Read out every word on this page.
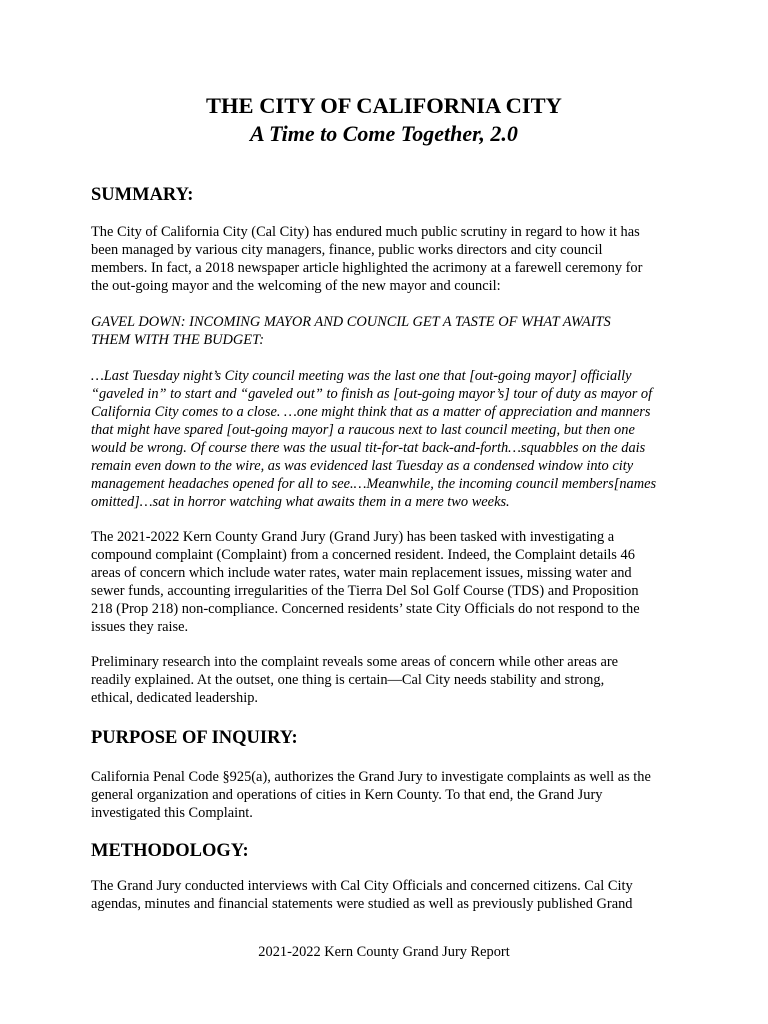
THE CITY OF CALIFORNIA CITY
A Time to Come Together, 2.0
SUMMARY:
The City of California City (Cal City) has endured much public scrutiny in regard to how it has
been managed by various city managers, finance, public works directors and city council
members. In fact, a 2018 newspaper article highlighted the acrimony at a farewell ceremony for
the out-going mayor and the welcoming of the new mayor and council:
GAVEL DOWN: INCOMING MAYOR AND COUNCIL GET A TASTE OF WHAT AWAITS
THEM WITH THE BUDGET:
…Last Tuesday night’s City council meeting was the last one that [out-going mayor] officially
“gaveled in” to start and “gaveled out” to finish as [out-going mayor’s] tour of duty as mayor of
California City comes to a close. …one might think that as a matter of appreciation and manners
that might have spared [out-going mayor] a raucous next to last council meeting, but then one
would be wrong. Of course there was the usual tit-for-tat back-and-forth…squabbles on the dais
remain even down to the wire, as was evidenced last Tuesday as a condensed window into city
management headaches opened for all to see.…Meanwhile, the incoming council members[names
omitted]…sat in horror watching what awaits them in a mere two weeks.
The 2021-2022 Kern County Grand Jury (Grand Jury) has been tasked with investigating a
compound complaint (Complaint) from a concerned resident. Indeed, the Complaint details 46
areas of concern which include water rates, water main replacement issues, missing water and
sewer funds, accounting irregularities of the Tierra Del Sol Golf Course (TDS) and Proposition
218 (Prop 218) non-compliance. Concerned residents’ state City Officials do not respond to the
issues they raise.
Preliminary research into the complaint reveals some areas of concern while other areas are
readily explained. At the outset, one thing is certain—Cal City needs stability and strong,
ethical, dedicated leadership.
PURPOSE OF INQUIRY:
California Penal Code §925(a), authorizes the Grand Jury to investigate complaints as well as the
general organization and operations of cities in Kern County. To that end, the Grand Jury
investigated this Complaint.
METHODOLOGY:
The Grand Jury conducted interviews with Cal City Officials and concerned citizens. Cal City
agendas, minutes and financial statements were studied as well as previously published Grand
2021-2022 Kern County Grand Jury Report
